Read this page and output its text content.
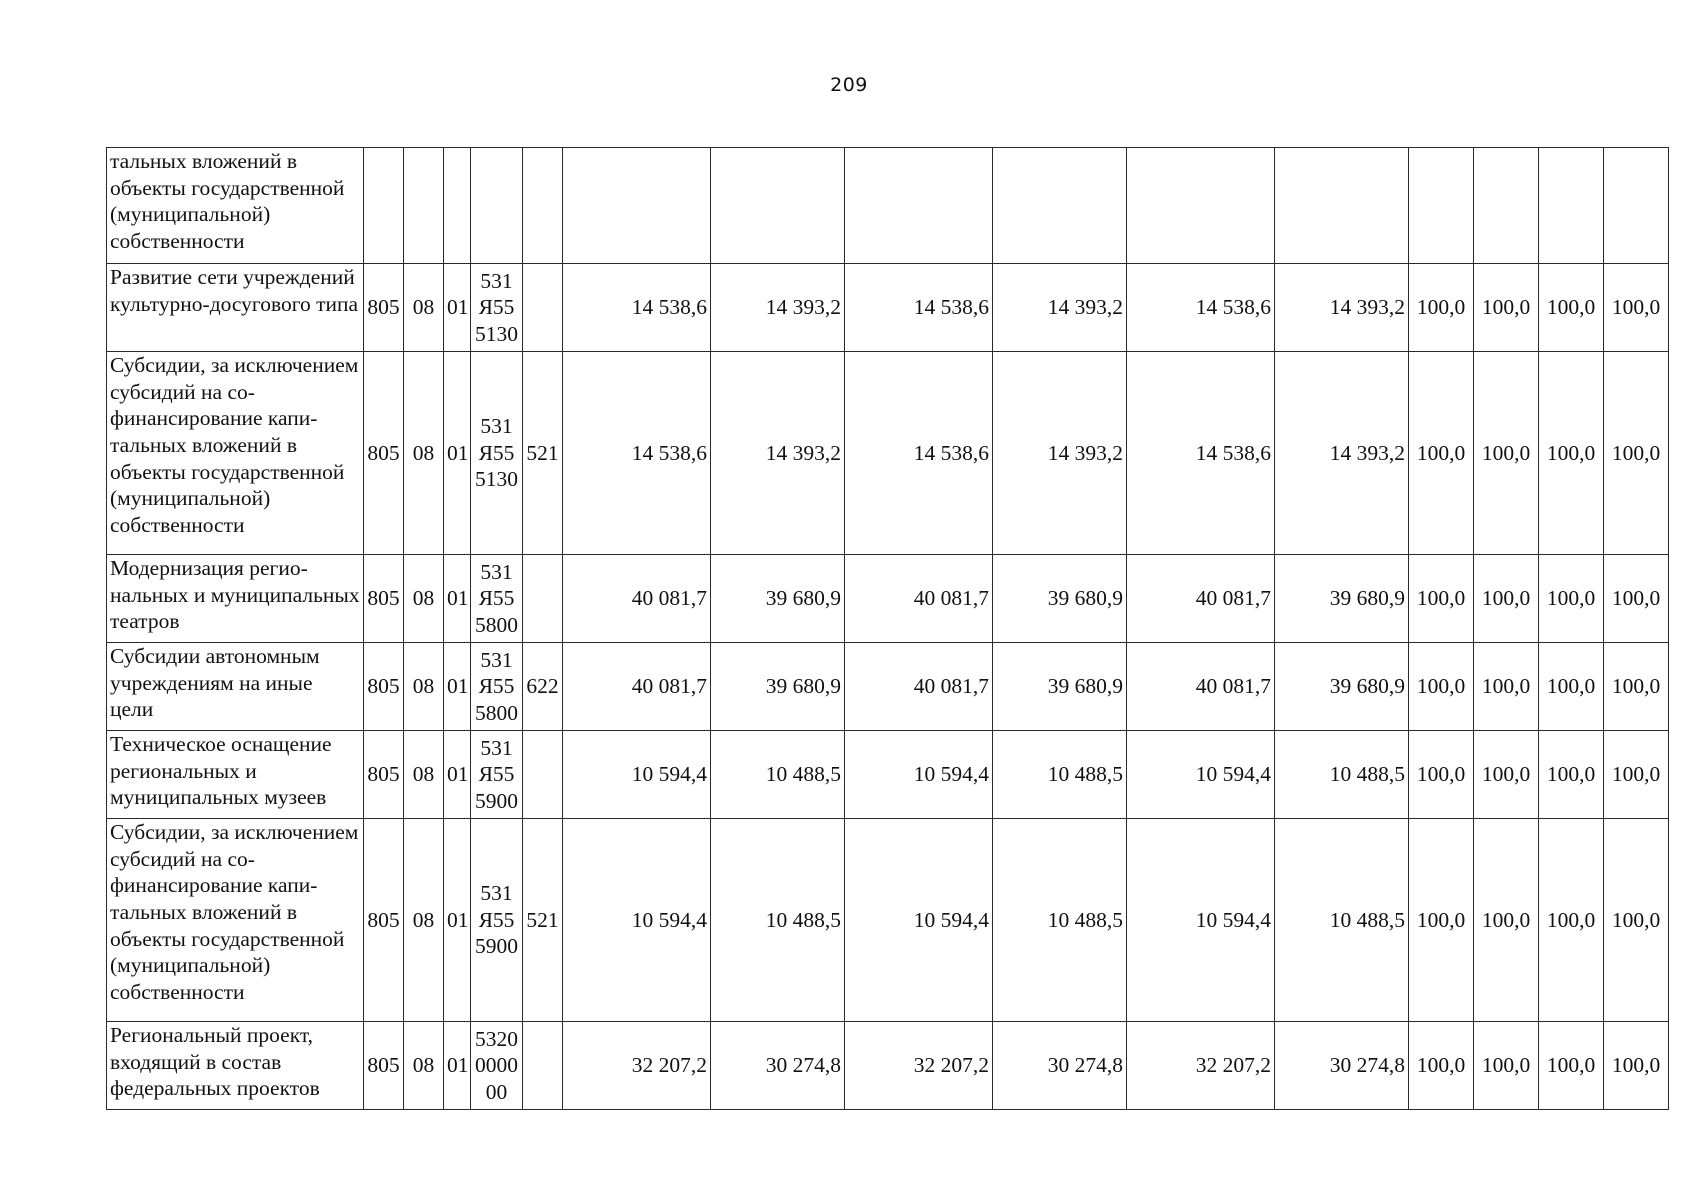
209
тальных вложений в объекты государственной (муниципальной) собственности															
Развитие сети учреждений культурно-досугового типа	805	08	01	531Я555130		14 538,6	14 393,2	14 538,6	14 393,2	14 538,6	14 393,2	100,0	100,0	100,0	100,0
Субсидии, за исключением субсидий на софинансирование капитальных вложений в объекты государственной (муниципальной) собственности	805	08	01	531Я555130	521	14 538,6	14 393,2	14 538,6	14 393,2	14 538,6	14 393,2	100,0	100,0	100,0	100,0
Модернизация региональных и муниципальных театров	805	08	01	531Я555800		40 081,7	39 680,9	40 081,7	39 680,9	40 081,7	39 680,9	100,0	100,0	100,0	100,0
Субсидии автономным учреждениям на иные цели	805	08	01	531Я555800	622	40 081,7	39 680,9	40 081,7	39 680,9	40 081,7	39 680,9	100,0	100,0	100,0	100,0
Техническое оснащение региональных и муниципальных музеев	805	08	01	531Я555900		10 594,4	10 488,5	10 594,4	10 488,5	10 594,4	10 488,5	100,0	100,0	100,0	100,0
Субсидии, за исключением субсидий на софинансирование капитальных вложений в объекты государственной (муниципальной) собственности	805	08	01	531Я555900	521	10 594,4	10 488,5	10 594,4	10 488,5	10 594,4	10 488,5	100,0	100,0	100,0	100,0
Региональный проект, входящий в состав федеральных проектов	805	08	01	5320000000		32 207,2	30 274,8	32 207,2	30 274,8	32 207,2	30 274,8	100,0	100,0	100,0	100,0
